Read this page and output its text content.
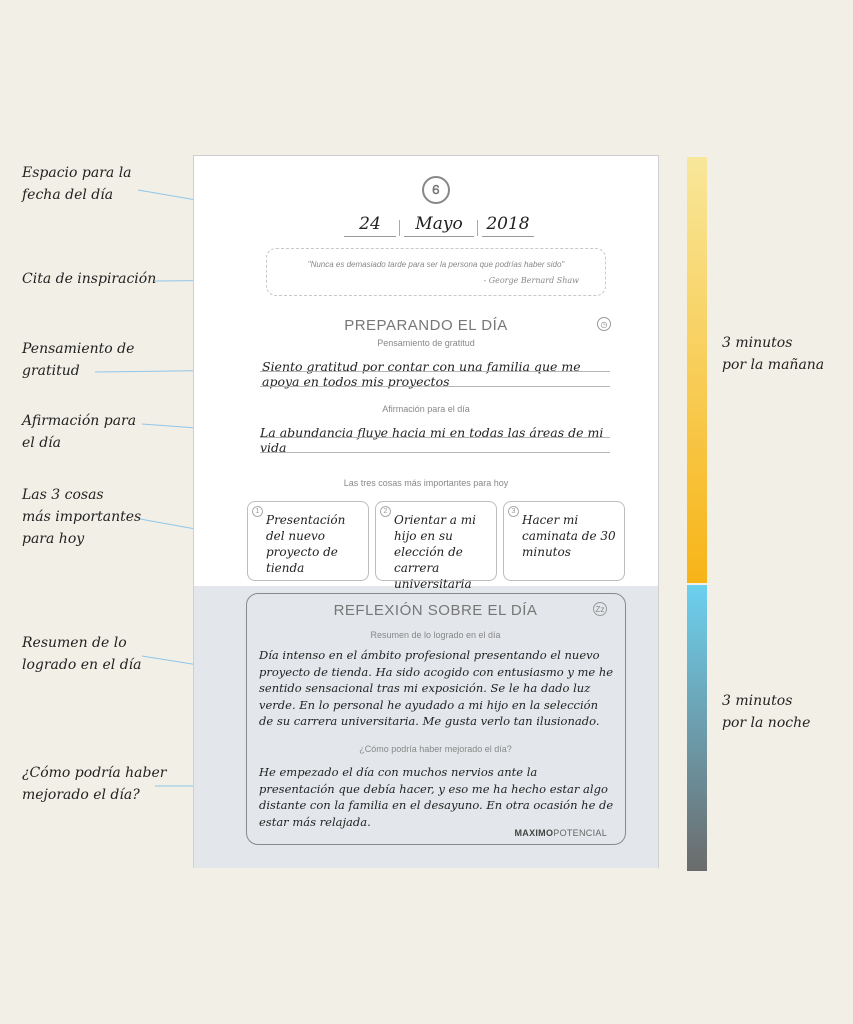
Espacio para la
fecha del día
Cita de inspiración
Pensamiento de
gratitud
Afirmación para
el día
Las 3 cosas
más importantes
para hoy
Resumen de lo
logrado en el día
¿Cómo podría haber
mejorado el día?
Ꮾ
24	Mayo	2018
"Nunca es demasiado tarde para ser la persona que podrías haber sido"
- George Bernard Shaw
PREPARANDO EL DÍA	◷
Pensamiento de gratitud
Siento gratitud por contar con una familia que me apoya en todos mis proyectos
Afirmación para el día
La abundancia fluye hacia mi en todas las áreas de mi vida
Las tres cosas más importantes para hoy
1
Presentación del nuevo proyecto de tienda
2
Orientar a mi hijo en su elección de carrera universitaria
3
Hacer mi caminata de 30 minutos
REFLEXIÓN SOBRE EL DÍA	Zz
Resumen de lo logrado en el día
Día intenso en el ámbito profesional presentando el nuevo proyecto de tienda. Ha sido acogido con entusiasmo y me he sentido sensacional tras mi exposición. Se le ha dado luz verde. En lo personal he ayudado a mi hijo en la selección de su carrera universitaria. Me gusta verlo tan ilusionado.
¿Cómo podría haber mejorado el día?
He empezado el día con muchos nervios ante la presentación que debía hacer, y eso me ha hecho estar algo distante con la familia en el desayuno. En otra ocasión he de estar más relajada.
MAXIMOPOTENCIAL
3 minutos
por la mañana
3 minutos
por la noche
